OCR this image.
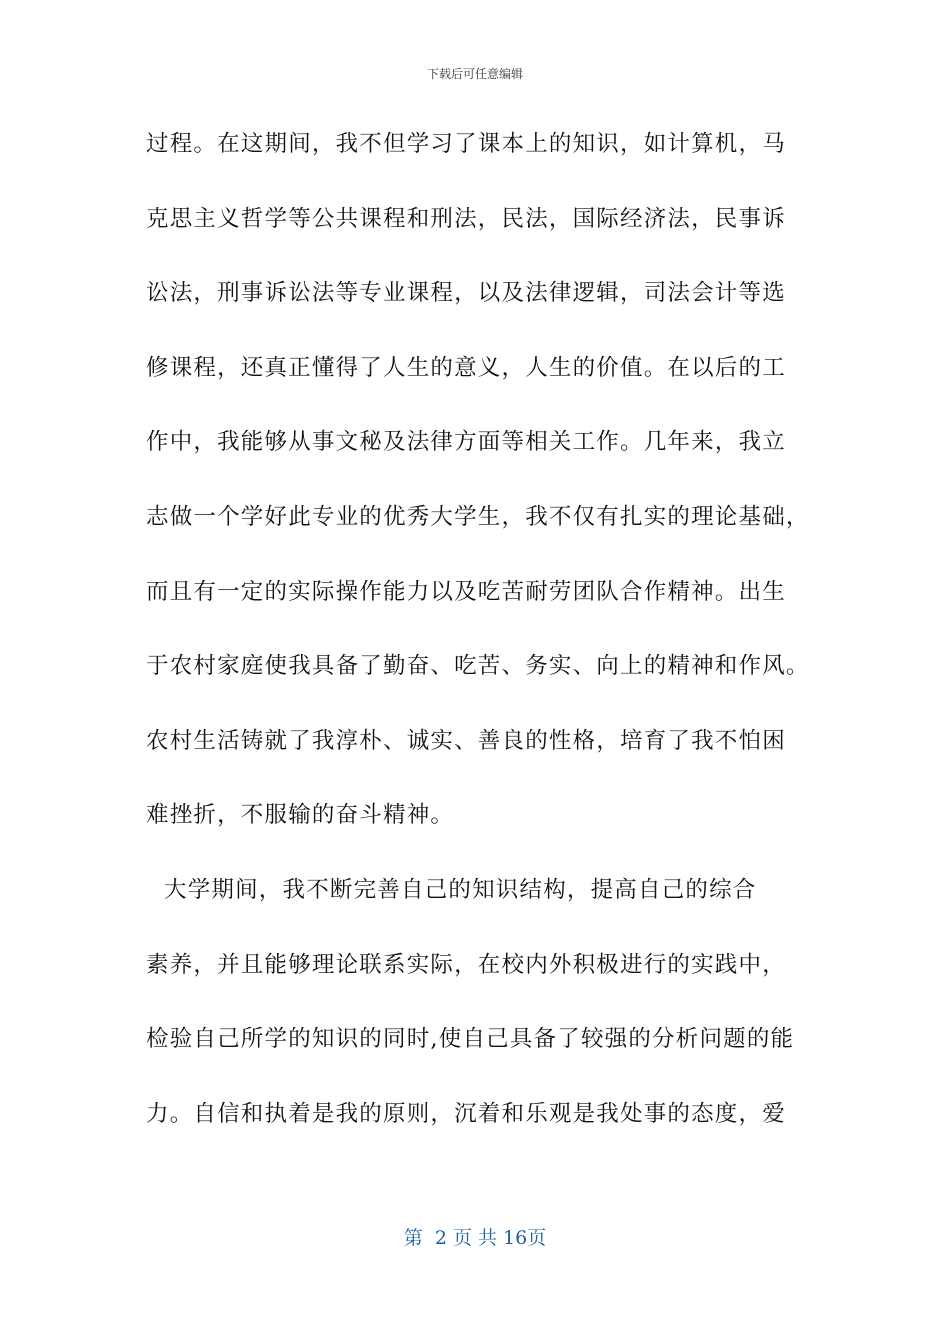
下载后可任意编辑
过程。在这期间，我不但学习了课本上的知识，如计算机，马
克思主义哲学等公共课程和刑法，民法，国际经济法，民事诉
讼法，刑事诉讼法等专业课程，以及法律逻辑，司法会计等选
修课程，还真正懂得了人生的意义，人生的价值。在以后的工
作中，我能够从事文秘及法律方面等相关工作。几年来，我立
志做一个学好此专业的优秀大学生，我不仅有扎实的理论基础，
而且有一定的实际操作能力以及吃苦耐劳团队合作精神。出生
于农村家庭使我具备了勤奋、吃苦、务实、向上的精神和作风。
农村生活铸就了我淳朴、诚实、善良的性格，培育了我不怕困
难挫折，不服输的奋斗精神。
大学期间，我不断完善自己的知识结构，提高自己的综合
素养，并且能够理论联系实际，在校内外积极进行的实践中，
检验自己所学的知识的同时,使自己具备了较强的分析问题的能
力。自信和执着是我的原则，沉着和乐观是我处事的态度，爱
第  2 页 共 16页
